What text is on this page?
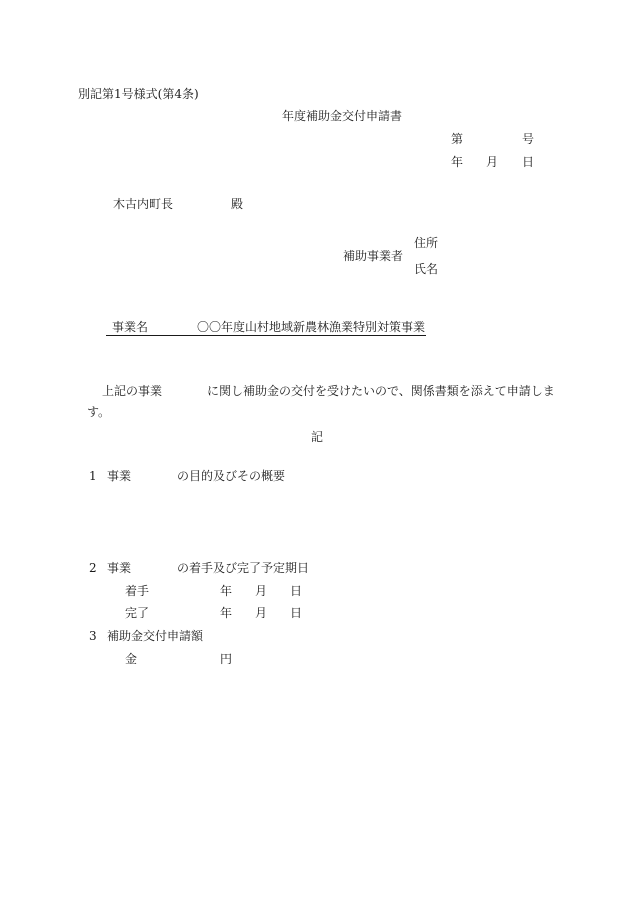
別記第1号様式(第4条)
年度補助金交付申請書
第	号
年 月 日
木古内町長	殿
住所
補助事業者
氏名
事業名	〇〇年度山村地域新農林漁業特別対策事業
上記の事業	に関し補助金の交付を受けたいので、関係書類を添えて申請しま
す。
記
1 事業	の目的及びその概要
2 事業	の着手及び完了予定期日
着手	年 月 日
完了	年 月 日
3 補助金交付申請額
金	円
